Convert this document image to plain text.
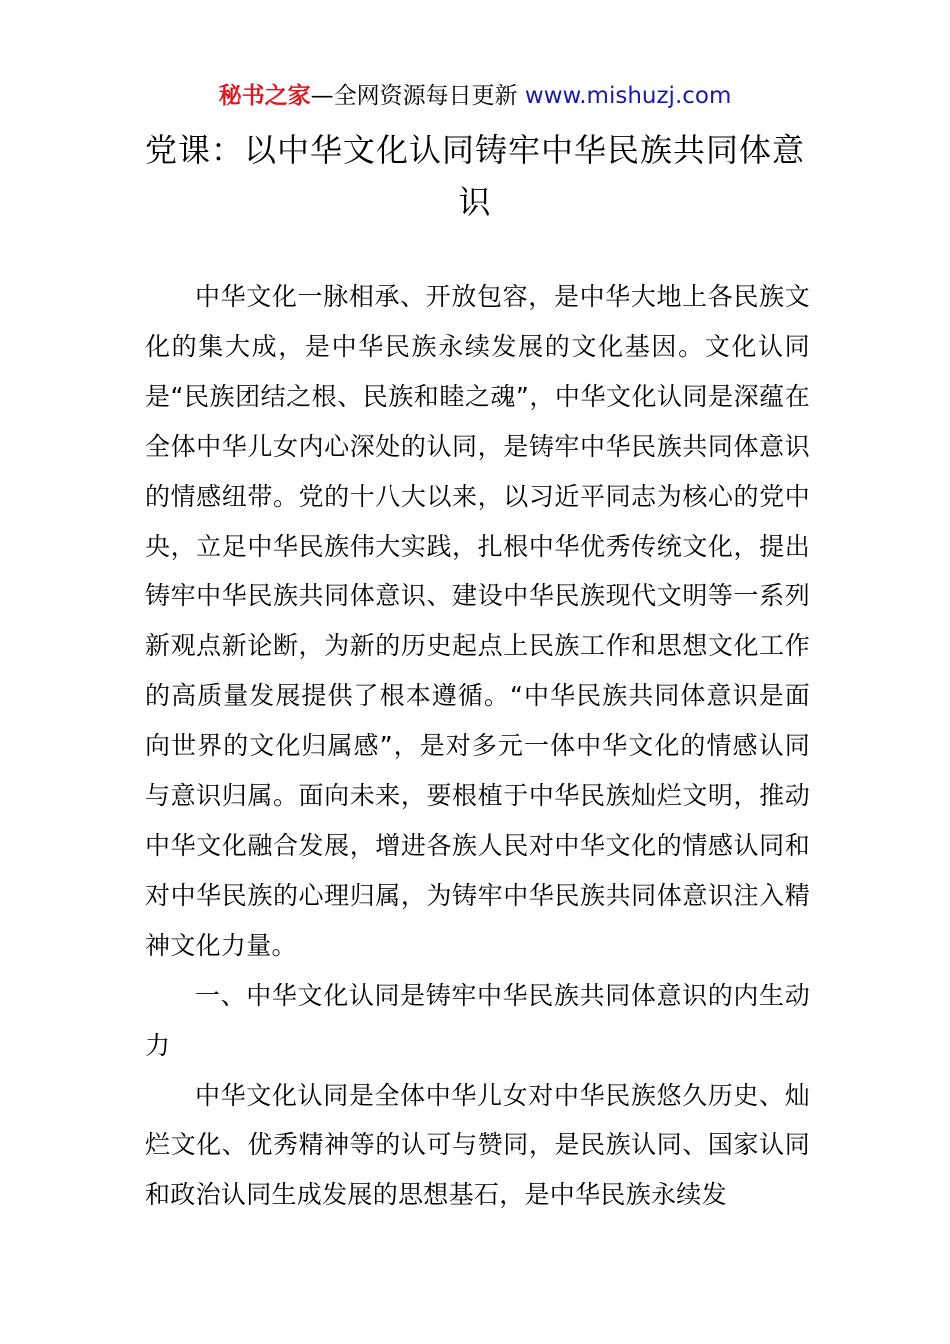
秘书之家—全网资源每日更新 www.mishuzj.com
党课：以中华文化认同铸牢中华民族共同体意识

中华文化一脉相承、开放包容，是中华大地上各民族文化的集大成，是中华民族永续发展的文化基因。文化认同是“民族团结之根、民族和睦之魂”，中华文化认同是深蕴在全体中华儿女内心深处的认同，是铸牢中华民族共同体意识的情感纽带。党的十八大以来，以习近平同志为核心的党中央，立足中华民族伟大实践，扎根中华优秀传统文化，提出铸牢中华民族共同体意识、建设中华民族现代文明等一系列新观点新论断，为新的历史起点上民族工作和思想文化工作的高质量发展提供了根本遵循。“中华民族共同体意识是面向世界的文化归属感”，是对多元一体中华文化的情感认同与意识归属。面向未来，要根植于中华民族灿烂文明，推动中华文化融合发展，增进各族人民对中华文化的情感认同和对中华民族的心理归属，为铸牢中华民族共同体意识注入精神文化力量。

一、中华文化认同是铸牢中华民族共同体意识的内生动力

中华文化认同是全体中华儿女对中华民族悠久历史、灿烂文化、优秀精神等的认可与赞同，是民族认同、国家认同和政治认同生成发展的思想基石，是中华民族永续发
